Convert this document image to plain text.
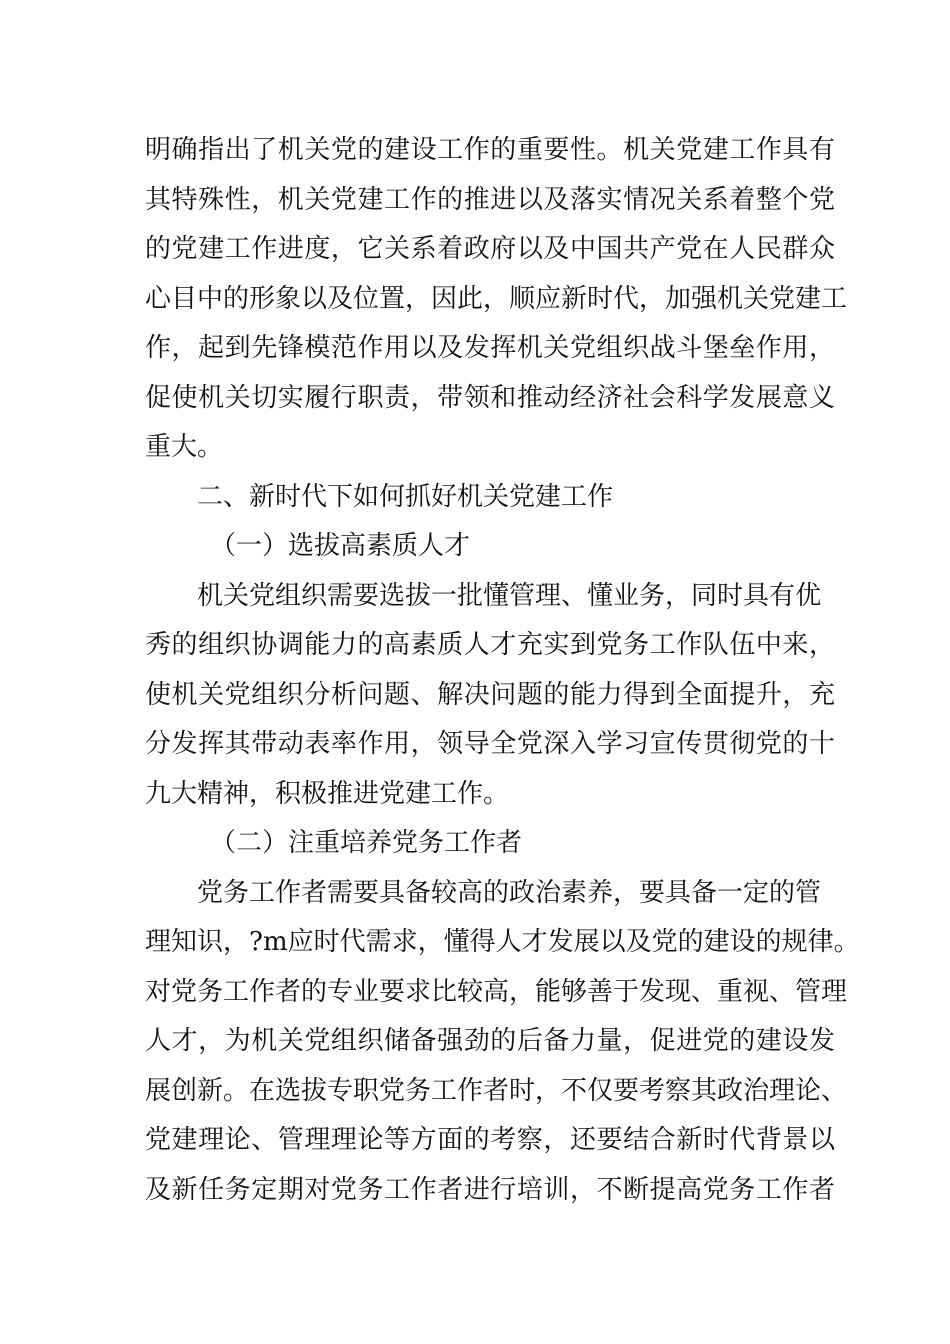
明确指出了机关党的建设工作的重要性。机关党建工作具有
其特殊性，机关党建工作的推进以及落实情况关系着整个党
的党建工作进度，它关系着政府以及中国共产党在人民群众
心目中的形象以及位置，因此，顺应新时代，加强机关党建工
作，起到先锋模范作用以及发挥机关党组织战斗堡垒作用，
促使机关切实履行职责，带领和推动经济社会科学发展意义
重大。
二、新时代下如何抓好机关党建工作
（一）选拔高素质人才
机关党组织需要选拔一批懂管理、懂业务，同时具有优
秀的组织协调能力的高素质人才充实到党务工作队伍中来，
使机关党组织分析问题、解决问题的能力得到全面提升，充
分发挥其带动表率作用，领导全党深入学习宣传贯彻党的十
九大精神，积极推进党建工作。
（二）注重培养党务工作者
党务工作者需要具备较高的政治素养，要具备一定的管
理知识，?m应时代需求，懂得人才发展以及党的建设的规律。
对党务工作者的专业要求比较高，能够善于发现、重视、管理
人才，为机关党组织储备强劲的后备力量，促进党的建设发
展创新。在选拔专职党务工作者时，不仅要考察其政治理论、
党建理论、管理理论等方面的考察，还要结合新时代背景以
及新任务定期对党务工作者进行培训，不断提高党务工作者
